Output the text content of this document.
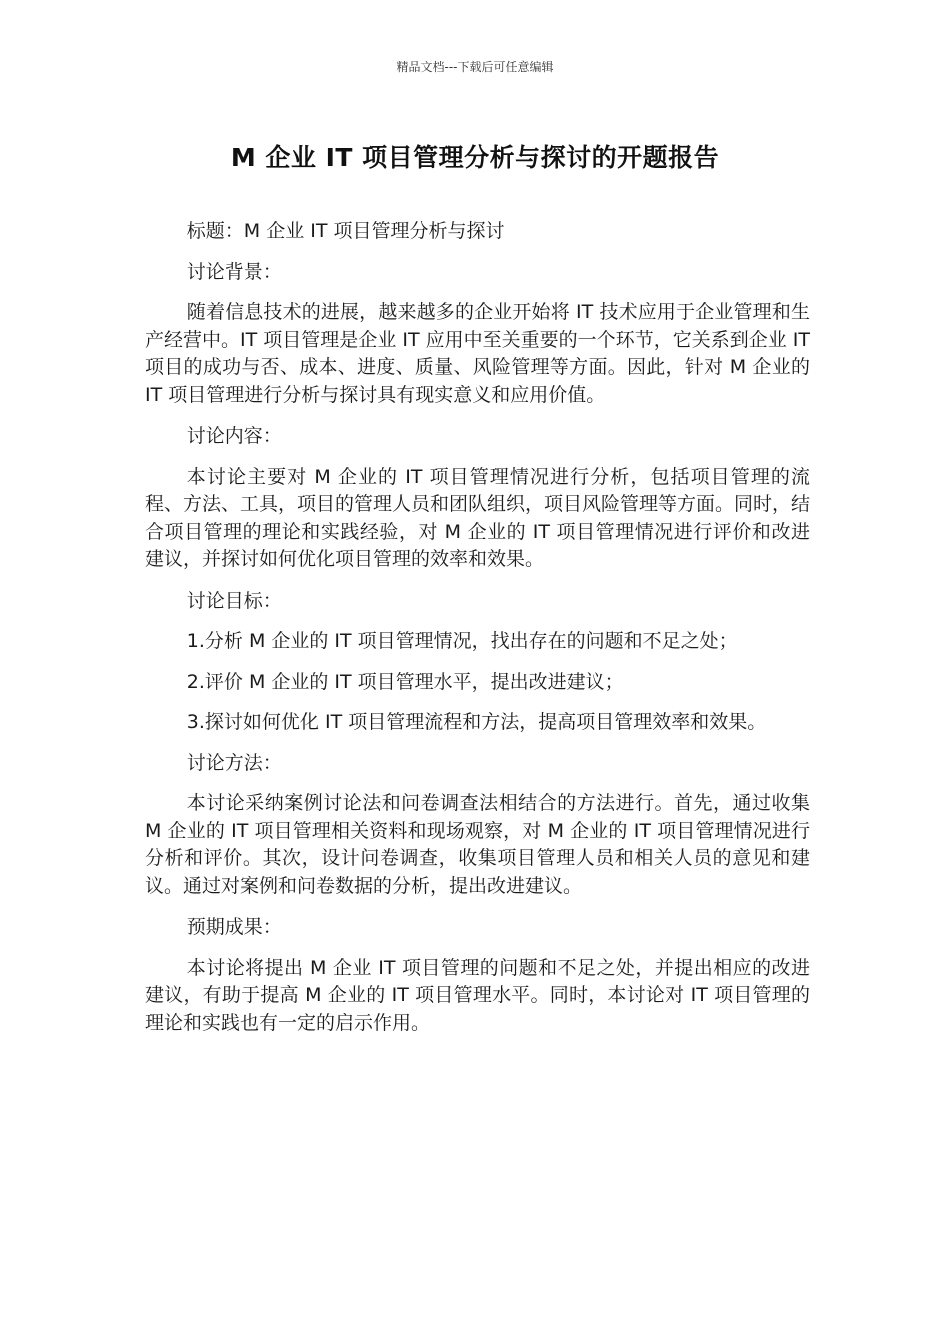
精品文档---下载后可任意编辑
M 企业 IT 项目管理分析与探讨的开题报告

标题：M 企业 IT 项目管理分析与探讨

讨论背景：

随着信息技术的进展，越来越多的企业开始将 IT 技术应用于企业管理和生产经营中。IT 项目管理是企业 IT 应用中至关重要的一个环节，它关系到企业 IT 项目的成功与否、成本、进度、质量、风险管理等方面。因此，针对 M 企业的 IT 项目管理进行分析与探讨具有现实意义和应用价值。

讨论内容：

本讨论主要对 M 企业的 IT 项目管理情况进行分析，包括项目管理的流程、方法、工具，项目的管理人员和团队组织，项目风险管理等方面。同时，结合项目管理的理论和实践经验，对 M 企业的 IT 项目管理情况进行评价和改进建议，并探讨如何优化项目管理的效率和效果。

讨论目标：

1.分析 M 企业的 IT 项目管理情况，找出存在的问题和不足之处；

2.评价 M 企业的 IT 项目管理水平，提出改进建议；

3.探讨如何优化 IT 项目管理流程和方法，提高项目管理效率和效果。

讨论方法：

本讨论采纳案例讨论法和问卷调查法相结合的方法进行。首先，通过收集 M 企业的 IT 项目管理相关资料和现场观察，对 M 企业的 IT 项目管理情况进行分析和评价。其次，设计问卷调查，收集项目管理人员和相关人员的意见和建议。通过对案例和问卷数据的分析，提出改进建议。

预期成果：

本讨论将提出 M 企业 IT 项目管理的问题和不足之处，并提出相应的改进建议，有助于提高 M 企业的 IT 项目管理水平。同时，本讨论对 IT 项目管理的理论和实践也有一定的启示作用。
